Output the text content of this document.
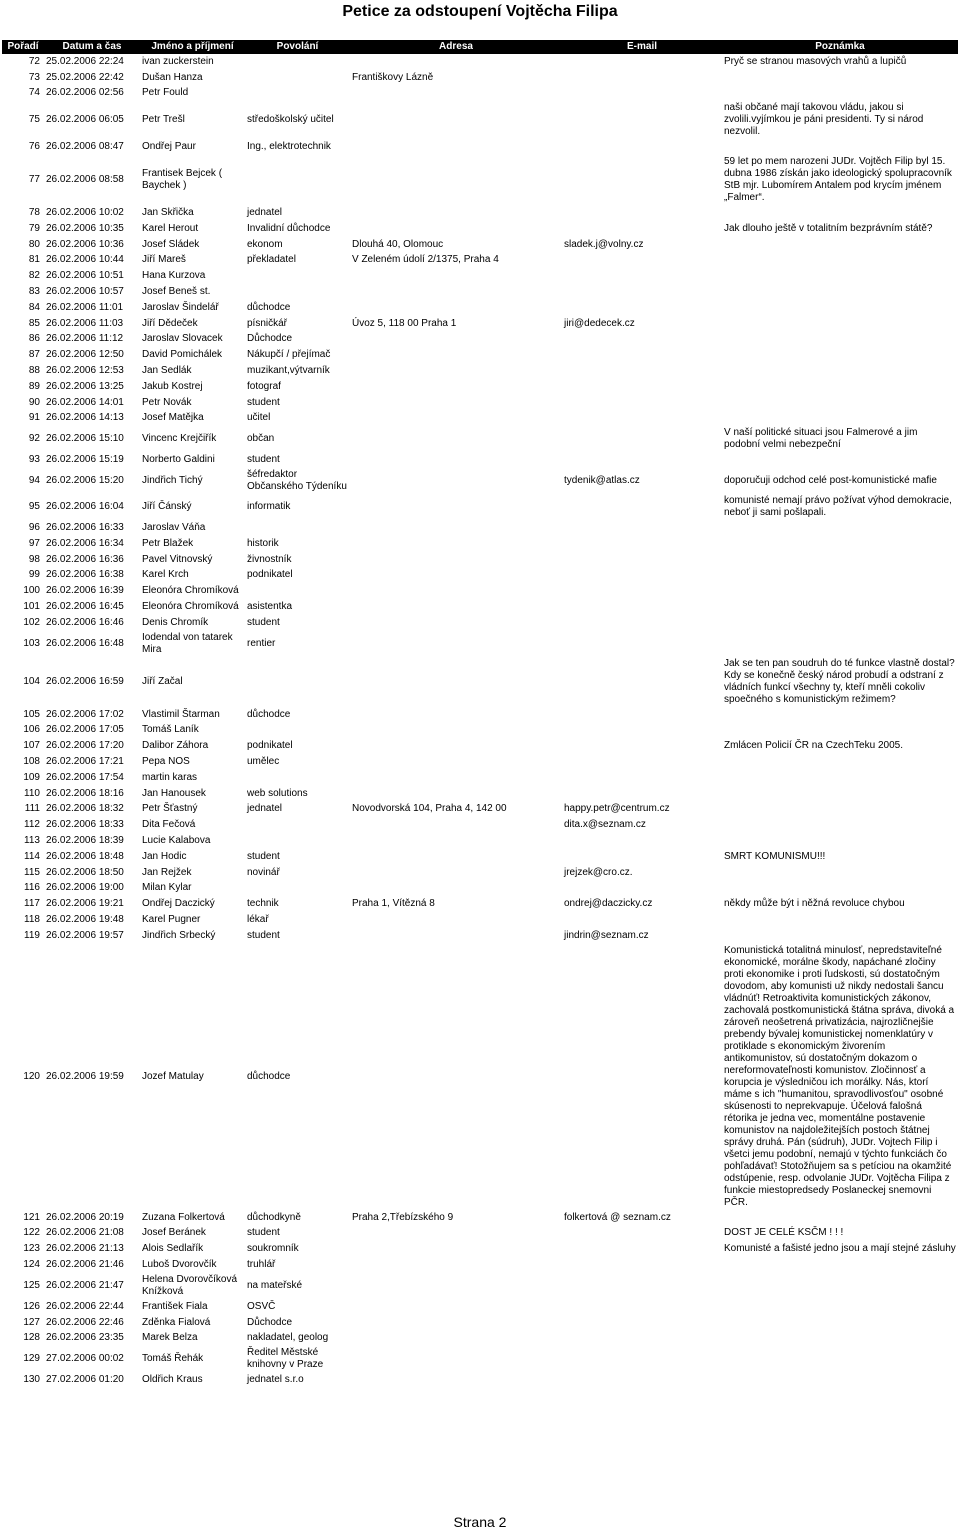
Petice za odstoupení Vojtěcha Filipa
Pořadí	Datum a čas	Jméno a příjmení	Povolání	Adresa		E-mail	Poznámka
72	25.02.2006 22:24	ivan zuckerstein					Pryč se stranou masových vrahů a lupičů
73	25.02.2006 22:42	Dušan Hanza		Františkovy Lázně			
74	26.02.2006 02:56	Petr Fould					
75	26.02.2006 06:05	Petr Trešl	středoškolský učitel				naši občané mají takovou vládu, jakou si zvolili.vyjímkou je páni presidenti. Ty si národ nezvolil.
76	26.02.2006 08:47	Ondřej Paur	Ing., elektrotechnik				
77	26.02.2006 08:58	Frantisek Bejcek ( Baychek )					59 let po mem narozeni JUDr. Vojtěch Filip byl 15. dubna 1986 získán jako ideologický spolupracovník StB mjr. Lubomírem Antalem pod krycím jménem „Falmer“.
78	26.02.2006 10:02	Jan Skřička	jednatel				
79	26.02.2006 10:35	Karel Herout	Invalidní důchodce				Jak dlouho ještě v totalitním bezprávním státě?
80	26.02.2006 10:36	Josef Sládek	ekonom	Dlouhá 40, Olomouc		sladek.j@volny.cz	
81	26.02.2006 10:44	Jiří Mareš	překladatel	V Zeleném údolí 2/1375, Praha 4			
82	26.02.2006 10:51	Hana Kurzova					
83	26.02.2006 10:57	Josef Beneš st.					
84	26.02.2006 11:01	Jaroslav Šindelář	důchodce				
85	26.02.2006 11:03	Jiří Dědeček	písničkář	Úvoz 5, 118 00 Praha 1		jiri@dedecek.cz	
86	26.02.2006 11:12	Jaroslav Slovacek	Důchodce				
87	26.02.2006 12:50	David Pomichálek	Nákupčí / přejímač				
88	26.02.2006 12:53	Jan Sedlák	muzikant,výtvarník				
89	26.02.2006 13:25	Jakub Kostrej	fotograf				
90	26.02.2006 14:01	Petr Novák	student				
91	26.02.2006 14:13	Josef Matějka	učitel				
92	26.02.2006 15:10	Vincenc Krejčiřík	občan				V naší politické situaci jsou Falmerové a jim podobní velmi nebezpeční
93	26.02.2006 15:19	Norberto Galdini	student				
94	26.02.2006 15:20	Jindřich Tichý	šéfredaktor Občanského Týdeníku			tydenik@atlas.cz	doporučuji odchod celé post-komunistické mafie
95	26.02.2006 16:04	Jiří Čánský	informatik				komunisté nemají právo požívat výhod demokracie, neboť ji sami pošlapali.
96	26.02.2006 16:33	Jaroslav Váňa					
97	26.02.2006 16:34	Petr Blažek	historik				
98	26.02.2006 16:36	Pavel Vitnovský	živnostník				
99	26.02.2006 16:38	Karel Krch	podnikatel				
100	26.02.2006 16:39	Eleonóra Chromíková					
101	26.02.2006 16:45	Eleonóra Chromíková	asistentka				
102	26.02.2006 16:46	Denis Chromík	student				
103	26.02.2006 16:48	Iodendal von tatarek Mira	rentier				
104	26.02.2006 16:59	Jiří Začal					Jak se ten pan soudruh do té funkce vlastně dostal? Kdy se konečně český národ probudí a odstraní z vládních funkcí všechny ty, kteří mněli cokoliv spoečného s komunistickým režimem?
105	26.02.2006 17:02	Vlastimil Štarman	důchodce				
106	26.02.2006 17:05	Tomáš Laník					
107	26.02.2006 17:20	Dalibor Záhora	podnikatel				Zmlácen Policií ČR na CzechTeku 2005.
108	26.02.2006 17:21	Pepa NOS	umělec				
109	26.02.2006 17:54	martin karas					
110	26.02.2006 18:16	Jan Hanousek	web solutions				
111	26.02.2006 18:32	Petr Šťastný	jednatel	Novodvorská 104, Praha 4, 142 00		happy.petr@centrum.cz	
112	26.02.2006 18:33	Dita Fečová				dita.x@seznam.cz	
113	26.02.2006 18:39	Lucie Kalabova					
114	26.02.2006 18:48	Jan Hodic	student				SMRT KOMUNISMU!!!
115	26.02.2006 18:50	Jan Rejžek	novinář			jrejzek@cro.cz.	
116	26.02.2006 19:00	Milan Kylar					
117	26.02.2006 19:21	Ondřej Daczický	technik	Praha 1, Vítězná 8		ondrej@daczicky.cz	někdy může být i něžná revoluce chybou
118	26.02.2006 19:48	Karel Pugner	lékař				
119	26.02.2006 19:57	Jindřich Srbecký	student			jindrin@seznam.cz	
120	26.02.2006 19:59	Jozef Matulay	důchodce				Komunistická totalitná minulosť, nepredstaviteľné ekonomické, morálne škody, napáchané zločiny proti ekonomike i proti ľudskosti, sú dostatočným dovodom, aby komunisti už nikdy nedostali šancu vládnúť! Retroaktivita komunistických zákonov, zachovalá postkomunistická štátna správa, divoká a zároveň neošetrená privatizácia, najrozličnejšie prebendy bývalej komunistickej nomenklatúry v protiklade s ekonomickým živorením antikomunistov, sú dostatočným dokazom o nereformovateľnosti komunistov. Zločinnosť a korupcia je výsledničou ich morálky. Nás, ktorí máme s ich "humanitou, spravodlivosťou" osobné skúsenosti to neprekvapuje. Účelová falošná rétorika je jedna vec, momentálne postavenie komunistov na najdoležitejších postoch štátnej správy druhá. Pán (súdruh), JUDr. Vojtech Filip i všetci jemu podobní, nemajú v týchto funkciách čo pohľadávať! Stotožňujem sa s petíciou na okamžité odstúpenie, resp. odvolanie JUDr. Vojtěcha Filipa z funkcie miestopredsedy Poslaneckej snemovni PČR.
121	26.02.2006 20:19	Zuzana Folkertová	důchodkyně	Praha 2,Třebízského 9		folkertová @ seznam.cz	
122	26.02.2006 21:08	Josef Beránek	student				DOST JE CELÉ KSČM ! ! !
123	26.02.2006 21:13	Alois Sedlařík	soukromník				Komunisté a fašisté jedno jsou a mají stejné zásluhy
124	26.02.2006 21:46	Luboš Dvorovčík	truhlář				
125	26.02.2006 21:47	Helena Dvorovčíková Knížková	na mateřské				
126	26.02.2006 22:44	František Fiala	OSVČ				
127	26.02.2006 22:46	Zděnka Fialová	Důchodce				
128	26.02.2006 23:35	Marek Belza	nakladatel, geolog				
129	27.02.2006 00:02	Tomáš Řehák	Ředitel Městské knihovny v Praze				
130	27.02.2006 01:20	Oldřich Kraus	jednatel s.r.o				
Strana 2
